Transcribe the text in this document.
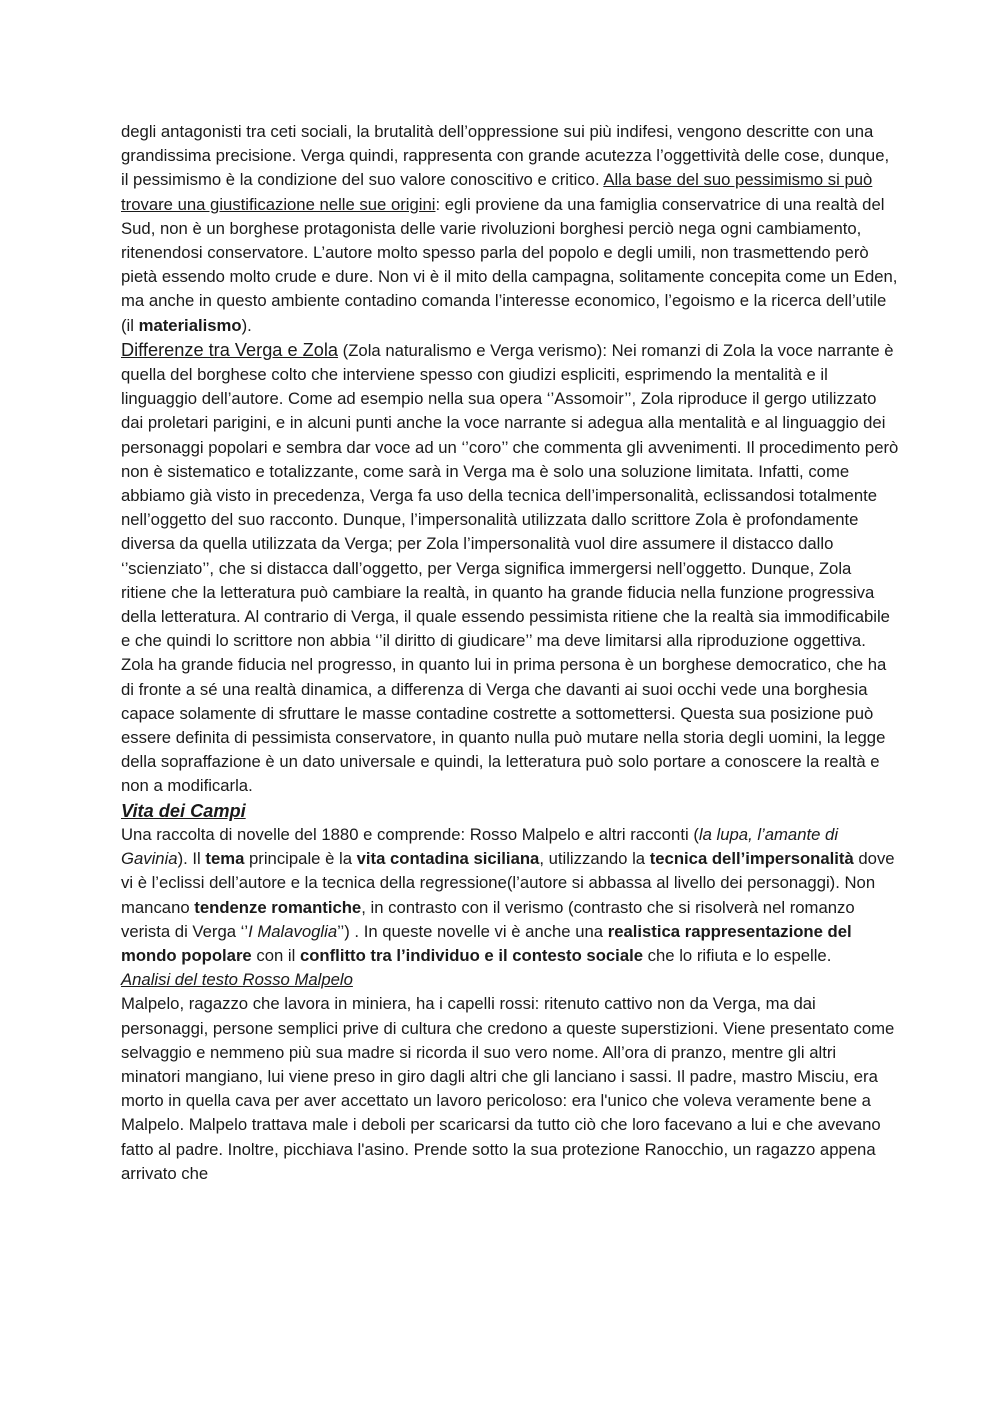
degli antagonisti tra ceti sociali, la brutalità dell’oppressione sui più indifesi, vengono descritte con una grandissima precisione. Verga quindi, rappresenta con grande acutezza l’oggettività delle cose, dunque, il pessimismo è la condizione del suo valore conoscitivo e critico. Alla base del suo pessimismo si può trovare una giustificazione nelle sue origini: egli proviene da una famiglia conservatrice di una realtà del Sud, non è un borghese protagonista delle varie rivoluzioni borghesi perciò nega ogni cambiamento, ritenendosi conservatore. L’autore molto spesso parla del popolo e degli umili, non trasmettendo però pietà essendo molto crude e dure. Non vi è il mito della campagna, solitamente concepita come un Eden, ma anche in questo ambiente contadino comanda l’interesse economico, l’egoismo e la ricerca dell’utile (il materialismo).

Differenze tra Verga e Zola (Zola naturalismo e Verga verismo): Nei romanzi di Zola la voce narrante è quella del borghese colto che interviene spesso con giudizi espliciti, esprimendo la mentalità e il linguaggio dell’autore. Come ad esempio nella sua opera ‘’Assomoir’’, Zola riproduce il gergo utilizzato dai proletari parigini, e in alcuni punti anche la voce narrante si adegua alla mentalità e al linguaggio dei personaggi popolari e sembra dar voce ad un ‘’coro’’ che commenta gli avvenimenti. Il procedimento però non è sistematico e totalizzante, come sarà in Verga ma è solo una soluzione limitata. Infatti, come abbiamo già visto in precedenza, Verga fa uso della tecnica dell’impersonalità, eclissandosi totalmente nell’oggetto del suo racconto. Dunque, l’impersonalità utilizzata dallo scrittore Zola è profondamente diversa da quella utilizzata da Verga; per Zola l’impersonalità vuol dire assumere il distacco dallo ‘’scienziato’’, che si distacca dall’oggetto, per Verga significa immergersi nell’oggetto. Dunque, Zola ritiene che la letteratura può cambiare la realtà, in quanto ha grande fiducia nella funzione progressiva della letteratura. Al contrario di Verga, il quale essendo pessimista ritiene che la realtà sia immodificabile e che quindi lo scrittore non abbia ‘’il diritto di giudicare’’ ma deve limitarsi alla riproduzione oggettiva.

Zola ha grande fiducia nel progresso, in quanto lui in prima persona è un borghese democratico, che ha di fronte a sé una realtà dinamica, a differenza di Verga che davanti ai suoi occhi vede una borghesia capace solamente di sfruttare le masse contadine costrette a sottomettersi. Questa sua posizione può essere definita di pessimista conservatore, in quanto nulla può mutare nella storia degli uomini, la legge della sopraffazione è un dato universale e quindi, la letteratura può solo portare a conoscere la realtà e non a modificarla.

Vita dei Campi

Una raccolta di novelle del 1880 e comprende: Rosso Malpelo e altri racconti (la lupa, l’amante di Gavinia). Il tema principale è la vita contadina siciliana, utilizzando la tecnica dell’impersonalità dove vi è l’eclissi dell’autore e la tecnica della regressione(l’autore si abbassa al livello dei personaggi). Non mancano tendenze romantiche, in contrasto con il verismo (contrasto che si risolverà nel romanzo verista di Verga ‘’I Malavoglia’’) . In queste novelle vi è anche una realistica rappresentazione del mondo popolare con il conflitto tra l’individuo e il contesto sociale che lo rifiuta e lo espelle.

Analisi del testo Rosso Malpelo

Malpelo, ragazzo che lavora in miniera, ha i capelli rossi: ritenuto cattivo non da Verga, ma dai personaggi, persone semplici prive di cultura che credono a queste superstizioni. Viene presentato come selvaggio e nemmeno più sua madre si ricorda il suo vero nome. All’ora di pranzo, mentre gli altri minatori mangiano, lui viene preso in giro dagli altri che gli lanciano i sassi. Il padre, mastro Misciu, era morto in quella cava per aver accettato un lavoro pericoloso: era l'unico che voleva veramente bene a Malpelo. Malpelo trattava male i deboli per scaricarsi da tutto ciò che loro facevano a lui e che avevano fatto al padre. Inoltre, picchiava l'asino. Prende sotto la sua protezione Ranocchio, un ragazzo appena arrivato che
